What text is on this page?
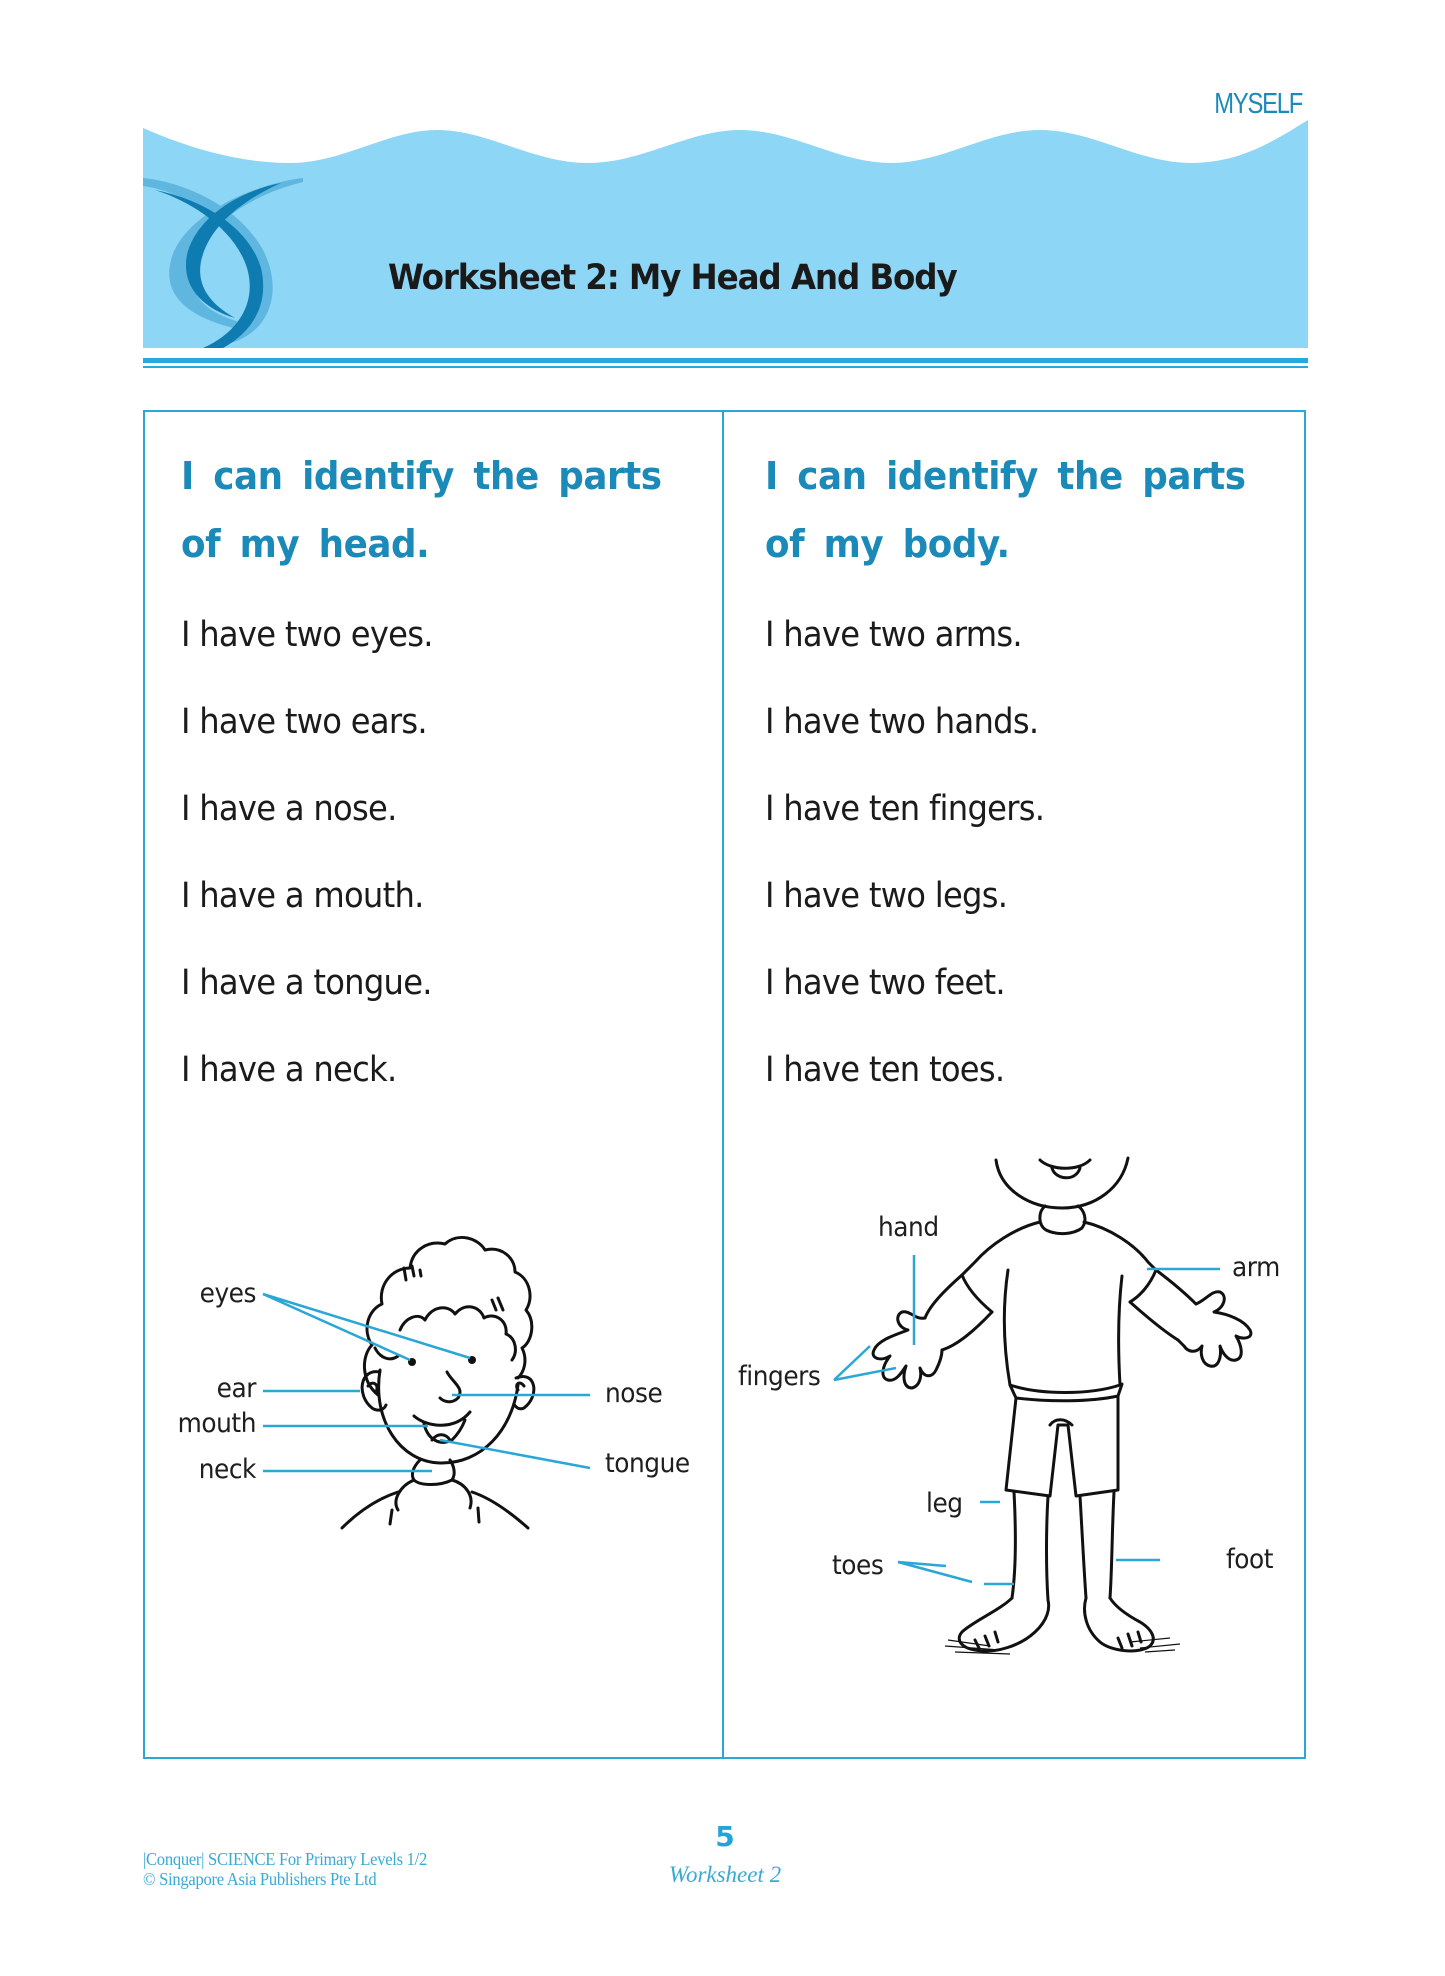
MYSELF
Worksheet 2: My Head And Body
I can identify the parts of my head.
I have two eyes.
I have two ears.
I have a nose.
I have a mouth.
I have a tongue.
I have a neck.
I can identify the parts of my body.
I have two arms.
I have two hands.
I have ten fingers.
I have two legs.
I have two feet.
I have ten toes.
eyes
ear
mouth
neck
nose
tongue
hand
arm
fingers
leg
toes	foot
|Conquer| SCIENCE For Primary Levels 1/2
© Singapore Asia Publishers Pte Ltd
5
Worksheet 2
